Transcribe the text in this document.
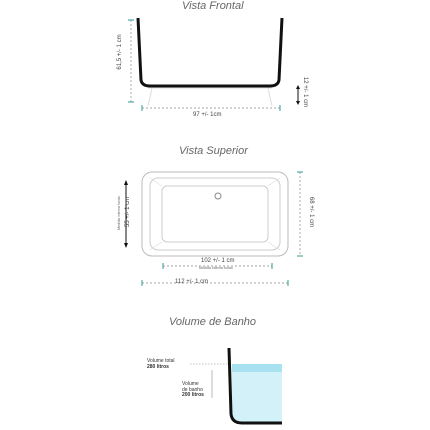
Vista Frontal
61,5 +/- 1 cm
97 +/- 1cm
12 +/- 1 cm
Vista Superior
55 +/- 1 cm
Medida interna fundo	68 +/- 1 cm
102 +/- 1 cm
Medida interna fundo
112 +/- 1 cm
Volume de Banho
Volume total
280 litros
Volume
de banho
200 litros
